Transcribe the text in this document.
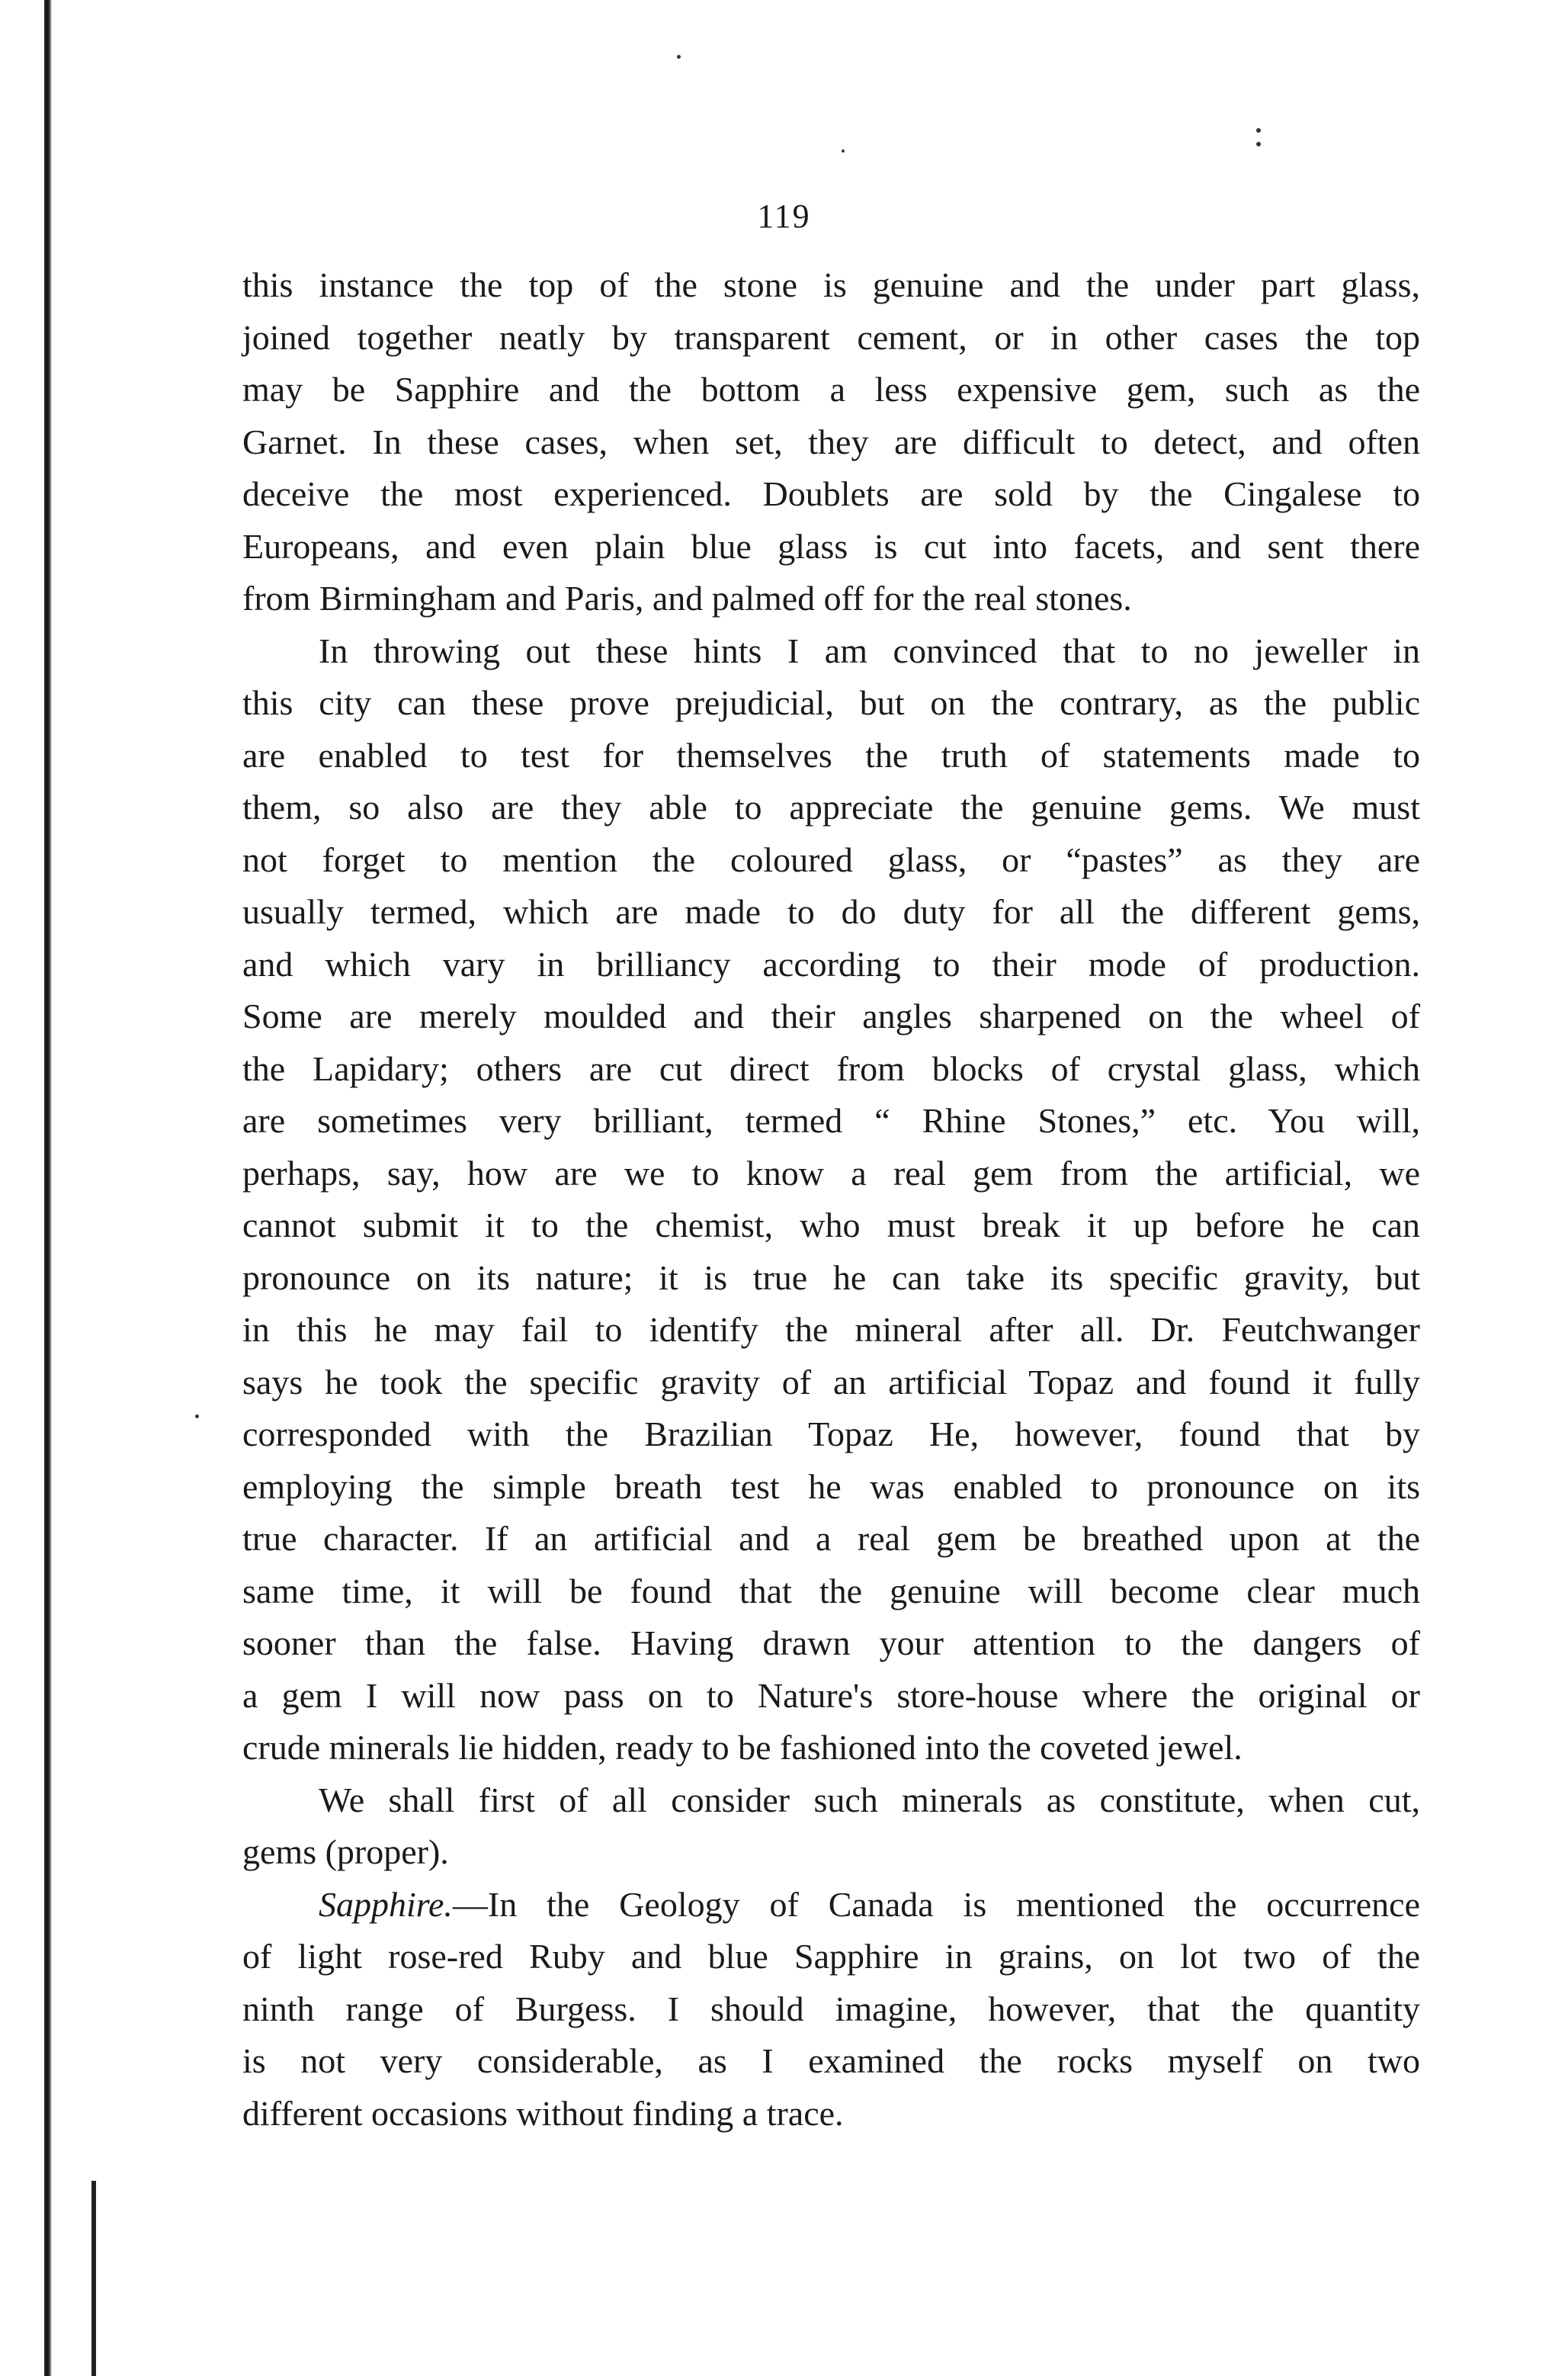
119
this instance the top of the stone is genuine and the under part glass,
joined together neatly by transparent cement, or in other cases the top
may be Sapphire and the bottom a less expensive gem, such as the
Garnet. In these cases, when set, they are difficult to detect, and often
deceive the most experienced. Doublets are sold by the Cingalese to
Europeans, and even plain blue glass is cut into facets, and sent there
from Birmingham and Paris, and palmed off for the real stones.
In throwing out these hints I am convinced that to no jeweller in
this city can these prove prejudicial, but on the contrary, as the public
are enabled to test for themselves the truth of statements made to
them, so also are they able to appreciate the genuine gems. We must
not forget to mention the coloured glass, or “pastes” as they are
usually termed, which are made to do duty for all the different gems,
and which vary in brilliancy according to their mode of production.
Some are merely moulded and their angles sharpened on the wheel of
the Lapidary; others are cut direct from blocks of crystal glass, which
are sometimes very brilliant, termed “ Rhine Stones,” etc. You will,
perhaps, say, how are we to know a real gem from the artificial, we
cannot submit it to the chemist, who must break it up before he can
pronounce on its nature; it is true he can take its specific gravity, but
in this he may fail to identify the mineral after all. Dr. Feutchwanger
says he took the specific gravity of an artificial Topaz and found it fully
corresponded with the Brazilian Topaz He, however, found that by
employing the simple breath test he was enabled to pronounce on its
true character. If an artificial and a real gem be breathed upon at the
same time, it will be found that the genuine will become clear much
sooner than the false. Having drawn your attention to the dangers of
a gem I will now pass on to Nature's store-house where the original or
crude minerals lie hidden, ready to be fashioned into the coveted jewel.
We shall first of all consider such minerals as constitute, when cut,
gems (proper).
Sapphire.—In the Geology of Canada is mentioned the occurrence
of light rose-red Ruby and blue Sapphire in grains, on lot two of the
ninth range of Burgess. I should imagine, however, that the quantity
is not very considerable, as I examined the rocks myself on two
different occasions without finding a trace.
